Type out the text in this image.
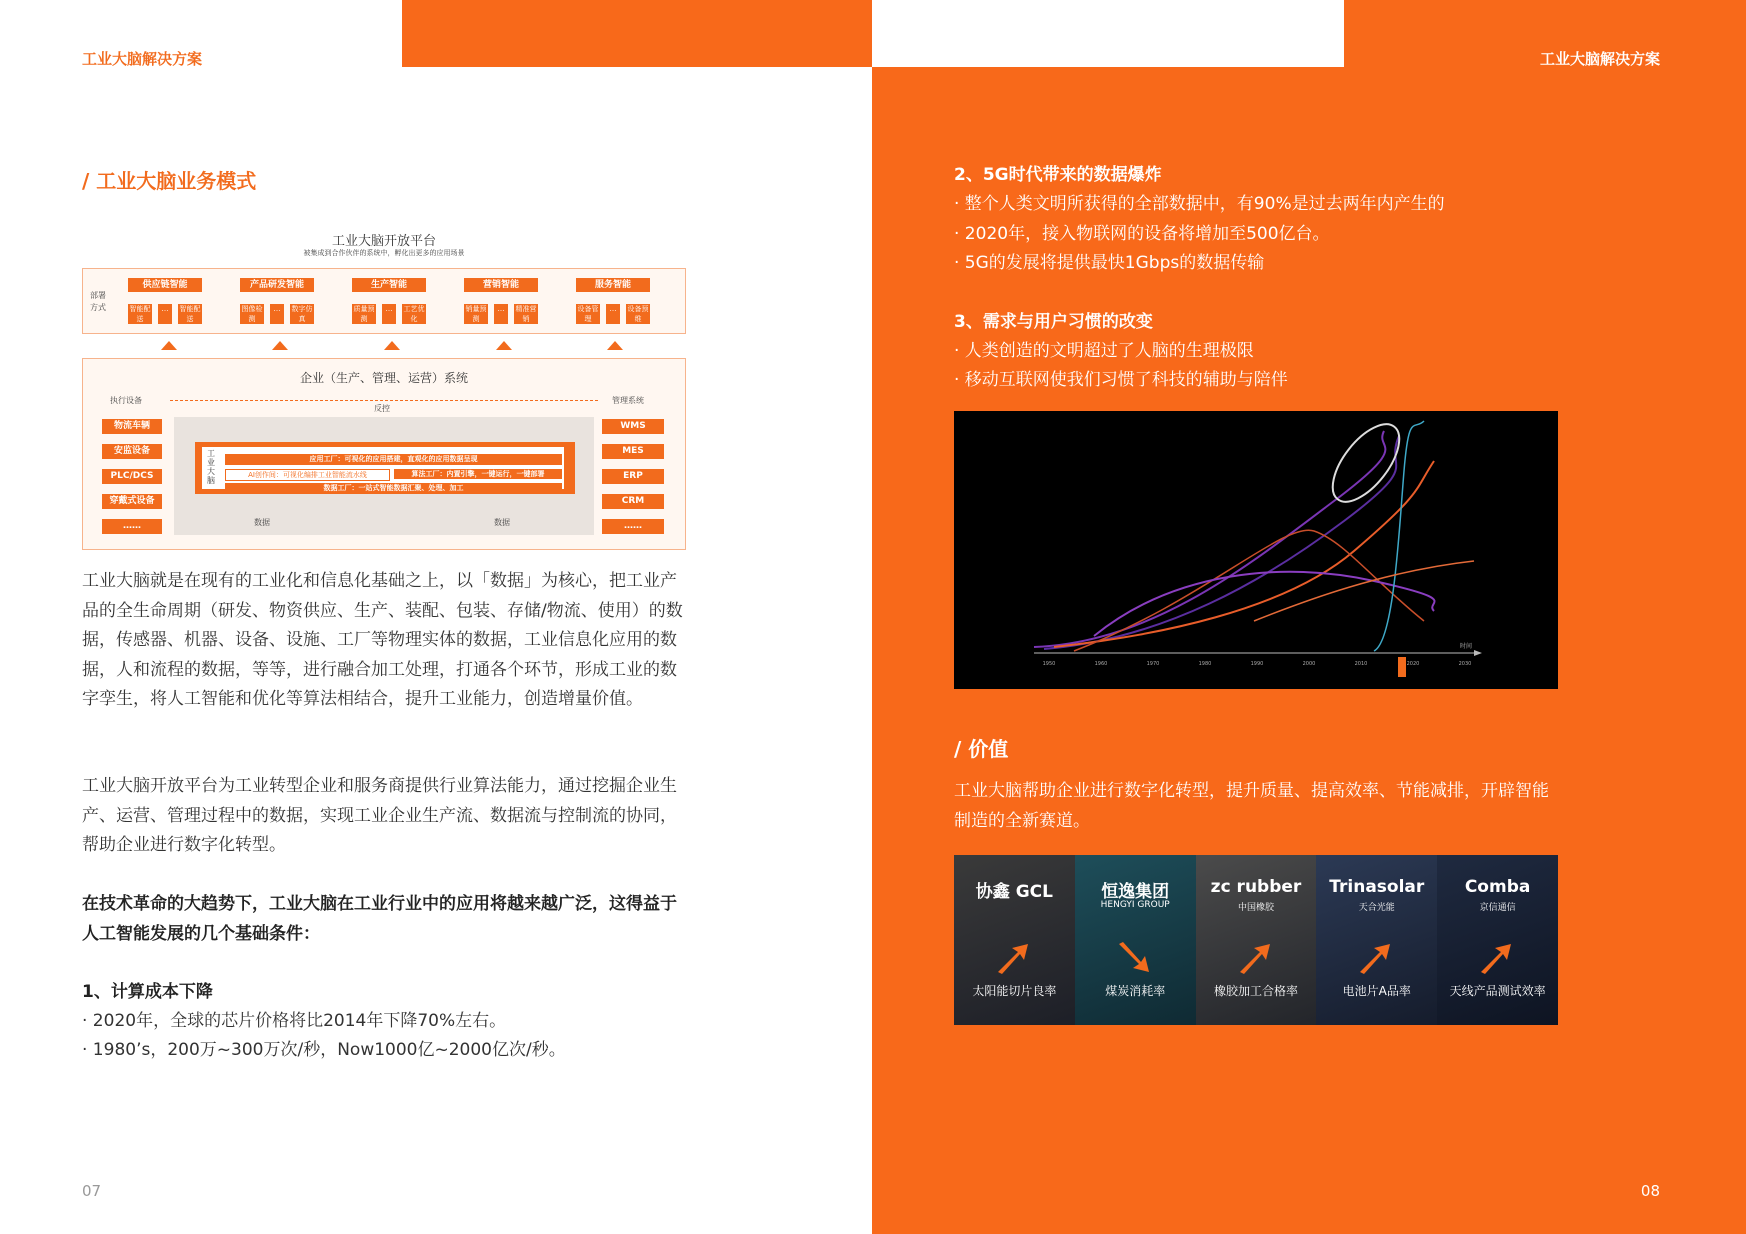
工业大脑解决方案	工业大脑解决方案
/ 工业大脑业务模式
工业大脑开放平台
被集成到合作伙伴的系统中，孵化出更多的应用场景
部署
方式
供应链智能
智能配送
…	智能配送
产品研发智能
图像检测
…	数字仿真
生产智能
质量预测
…	工艺优化
营销智能
销量预测
…	精准营销
服务智能
设备管理
…	设备预维
企业（生产、管理、运营）系统
执行设备	管理系统
反控
物流车辆
安监设备
PLC/DCS
穿戴式设备
……
WMS
MES
ERP
CRM
……
工业大脑
应用工厂：可视化的应用搭建，直观化的应用数据呈现
AI创作间：可视化编排工业智能流水线	算法工厂：内置引擎，一键运行，一键部署
数据工厂：一站式智能数据汇聚、处理、加工
数据	数据
工业大脑就是在现有的工业化和信息化基础之上，以「数据」为核心，把工业产品的全生命周期（研发、物资供应、生产、装配、包装、存储/物流、使用）的数据，传感器、机器、设备、设施、工厂等物理实体的数据，工业信息化应用的数据，人和流程的数据，等等，进行融合加工处理，打通各个环节，形成工业的数字孪生，将人工智能和优化等算法相结合，提升工业能力，创造增量价值。
工业大脑开放平台为工业转型企业和服务商提供行业算法能力，通过挖掘企业生产、运营、管理过程中的数据，实现工业企业生产流、数据流与控制流的协同，帮助企业进行数字化转型。
在技术革命的大趋势下，工业大脑在工业行业中的应用将越来越广泛，这得益于人工智能发展的几个基础条件：
1、计算成本下降
· 2020年，全球的芯片价格将比2014年下降70%左右。
· 1980’s，200万~300万次/秒，Now1000亿~2000亿次/秒。
07
2、5G时代带来的数据爆炸
· 整个人类文明所获得的全部数据中，有90%是过去两年内产生的
· 2020年，接入物联网的设备将增加至500亿台。
· 5G的发展将提供最快1Gbps的数据传输
3、需求与用户习惯的改变
· 人类创造的文明超过了人脑的生理极限
· 移动互联网使我们习惯了科技的辅助与陪伴
时间
1950	1960	1970	1980	1990	2000	2010	2020	2030
/ 价值
工业大脑帮助企业进行数字化转型，提升质量、提高效率、节能减排，开辟智能制造的全新赛道。
协鑫 GCL
太阳能切片良率
恒逸集团
HENGYI GROUP
煤炭消耗率
zc rubber
中国橡胶
橡胶加工合格率
Trinasolar
天合光能
电池片A品率
Comba
京信通信
天线产品测试效率
08
